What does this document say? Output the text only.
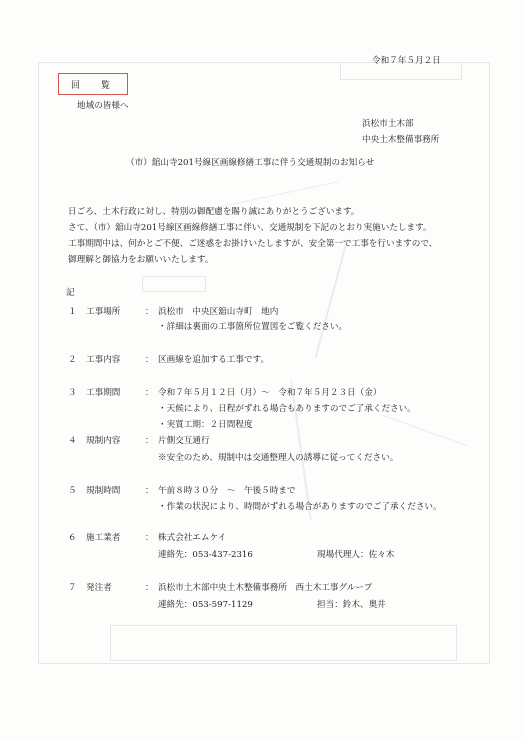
令和７年５月２日
回　覧
地域の皆様へ
浜松市土木部
中央土木整備事務所
（市）舘山寺201号線区画線修繕工事に伴う交通規制のお知らせ
日ごろ、土木行政に対し、特別の御配慮を賜り誠にありがとうございます。
さて、（市）舘山寺201号線区画線修繕工事に伴い、交通規制を下記のとおり実施いたします。
工事期間中は、何かとご不便、ご迷惑をお掛けいたしますが、安全第一で工事を行いますので、
御理解と御協力をお願いいたします。
記
１ 工事場所	： 浜松市　中央区舘山寺町　地内
・詳細は裏面の工事箇所位置図をご覧ください。
２ 工事内容	： 区画線を追加する工事です。
３ 工事期間	： 令和７年５月１２日（月）～　令和７年５月２３日（金）
・天候により、日程がずれる場合もありますのでご了承ください。
・実質工期：２日間程度
４ 規制内容	： 片側交互通行
※安全のため、規制中は交通整理人の誘導に従ってください。
５ 規制時間	： 午前８時３０分　～　午後５時まで
・作業の状況により、時間がずれる場合がありますのでご了承ください。
６ 施工業者	： 株式会社エムケイ
連絡先：053-437-2316	現場代理人：佐々木
７ 発注者	： 浜松市土木部中央土木整備事務所　西土木工事グループ
連絡先：053-597-1129	担当：鈴木、奥井
